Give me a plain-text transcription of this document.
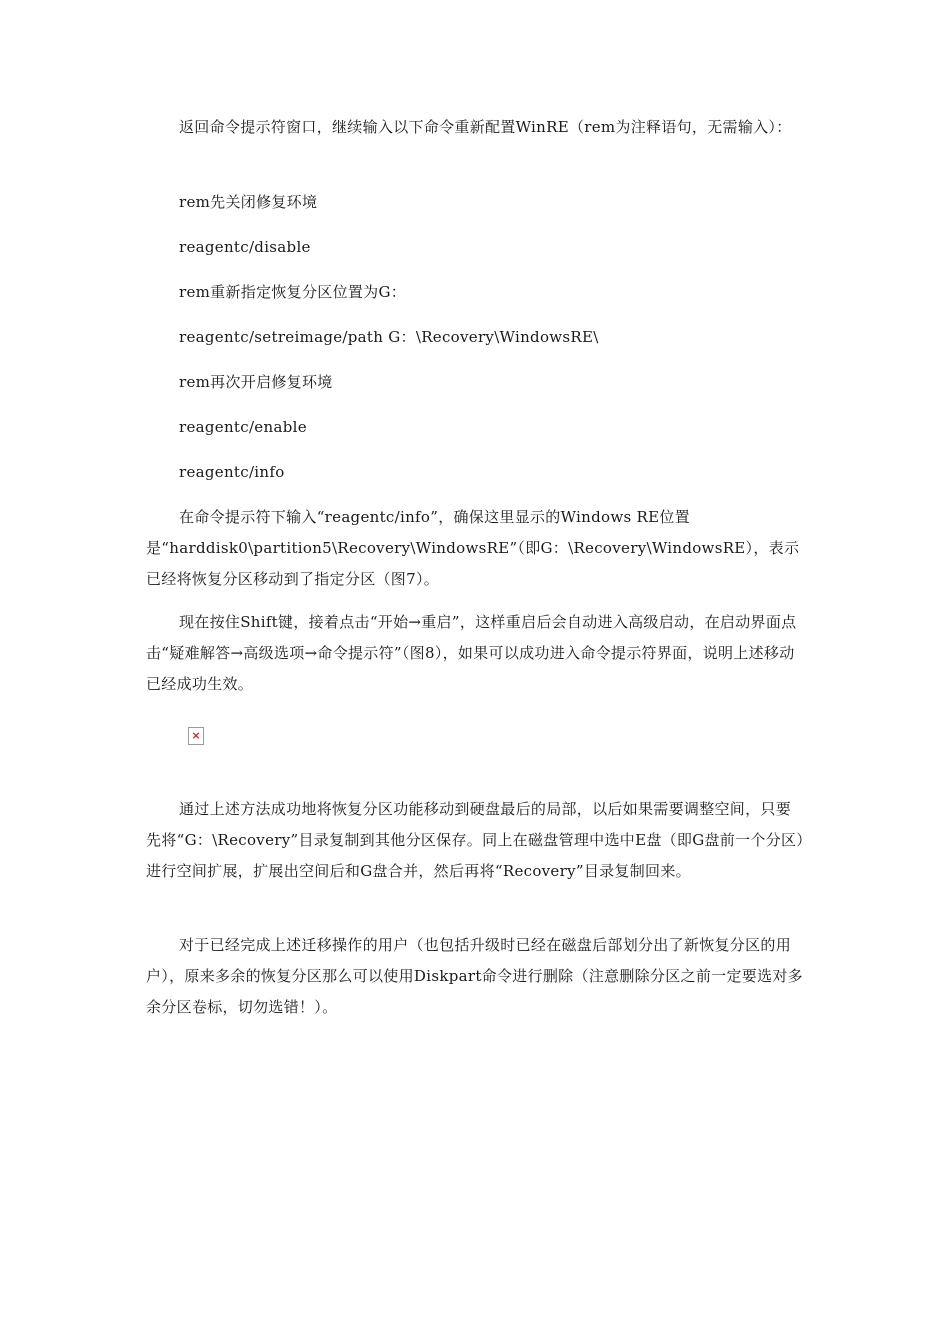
返回命令提示符窗口，继续输入以下命令重新配置WinRE（rem为注释语句，无需输入）：

rem先关闭修复环境

reagentc/disable

rem重新指定恢复分区位置为G：

reagentc/setreimage/path G：\Recovery\WindowsRE\

rem再次开启修复环境

reagentc/enable

reagentc/info

在命令提示符下输入“reagentc/info”，确保这里显示的Windows RE位置是“harddisk0\partition5\Recovery\WindowsRE”（即G：\Recovery\WindowsRE），表示已经将恢复分区移动到了指定分区（图7）。

现在按住Shift键，接着点击“开始→重启”，这样重启后会自动进入高级启动，在启动界面点击“疑难解答→高级选项→命令提示符”（图8），如果可以成功进入命令提示符界面，说明上述移动已经成功生效。

×

通过上述方法成功地将恢复分区功能移动到硬盘最后的局部，以后如果需要调整空间，只要先将“G：\Recovery”目录复制到其他分区保存。同上在磁盘管理中选中E盘（即G盘前一个分区）进行空间扩展，扩展出空间后和G盘合并，然后再将“Recovery”目录复制回来。

对于已经完成上述迁移操作的用户（也包括升级时已经在磁盘后部划分出了新恢复分区的用户），原来多余的恢复分区那么可以使用Diskpart命令进行删除（注意删除分区之前一定要选对多余分区卷标，切勿选错！）。
